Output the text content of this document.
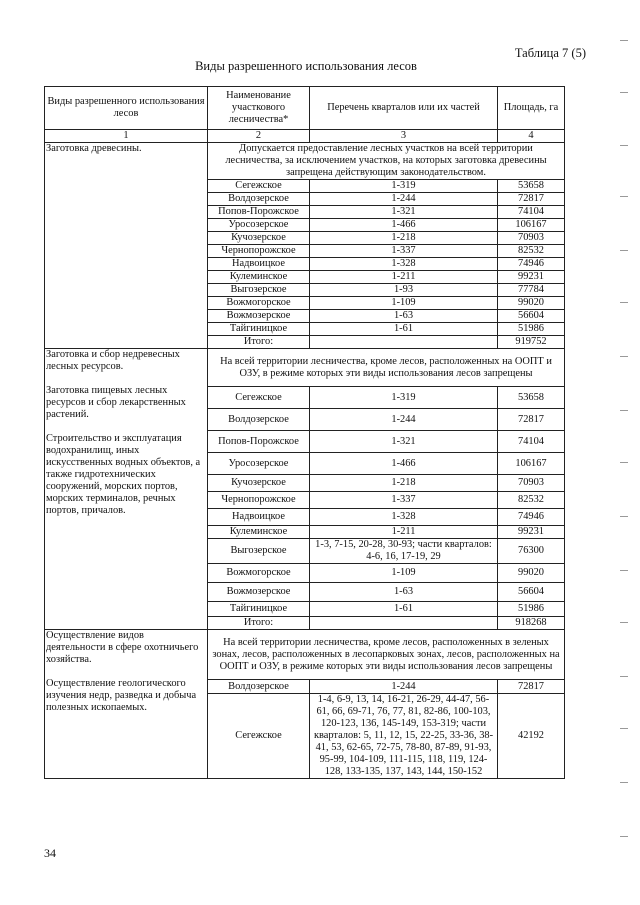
Таблица 7 (5)
Виды разрешенного использования лесов
Виды разрешенного использования лесов	Наименование участкового лесничества*	Перечень кварталов или их частей	Площадь, га
1	2	3	4

Заготовка древесины.	Допускается предоставление лесных участков на всей территории лесничества, за исключением участков, на которых заготовка древесины запрещена действующим законодательством.		
	Сегежское	1-319	53658
	Волдозерское	1-244	72817
	Попов-Порожское	1-321	74104
	Уросозерское	1-466	106167
	Кучозерское	1-218	70903
	Чернопорожское	1-337	82532
	Надвоицкое	1-328	74946
	Кулеминское	1-211	99231
	Выгозерское	1-93	77784
	Вожмогорское	1-109	99020
	Вожмозерское	1-63	56604
	Тайгиницкое	1-61	51986
	Итого:		919752

Заготовка и сбор недревесных лесных ресурсов.
Заготовка пищевых лесных ресурсов и сбор лекарственных растений.
Строительство и эксплуатация водохранилищ, иных искусственных водных объектов, а также гидротехнических сооружений, морских портов, морских терминалов, речных портов, причалов.	На всей территории лесничества, кроме лесов, расположенных на ООПТ и ОЗУ, в режиме которых эти виды использования лесов запрещены		
	Сегежское	1-319	53658
	Волдозерское	1-244	72817
	Попов-Порожское	1-321	74104
	Уросозерское	1-466	106167
	Кучозерское	1-218	70903
	Чернопорожское	1-337	82532
	Надвоицкое	1-328	74946
	Кулеминское	1-211	99231
	Выгозерское	1-3, 7-15, 20-28, 30-93; части кварталов: 4-6, 16, 17-19, 29	76300
	Вожмогорское	1-109	99020
	Вожмозерское	1-63	56604
	Тайгиницкое	1-61	51986
	Итого:		918268

Осуществление видов деятельности в сфере охотничьего хозяйства.
Осуществление геологического изучения недр, разведка и добыча полезных ископаемых.	На всей территории лесничества, кроме лесов, расположенных в зеленых зонах, лесов, расположенных в лесопарковых зонах, лесов, расположенных на ООПТ и ОЗУ, в режиме которых эти виды использования лесов запрещены		
	Волдозерское	1-244	72817
	Сегежское	1-4, 6-9, 13, 14, 16-21, 26-29, 44-47, 56-61, 66, 69-71, 76, 77, 81, 82-86, 100-103, 120-123, 136, 145-149, 153-319; части кварталов: 5, 11, 12, 15, 22-25, 33-36, 38-41, 53, 62-65, 72-75, 78-80, 87-89, 91-93, 95-99, 104-109, 111-115, 118, 119, 124-128, 133-135, 137, 143, 144, 150-152	42192
34
